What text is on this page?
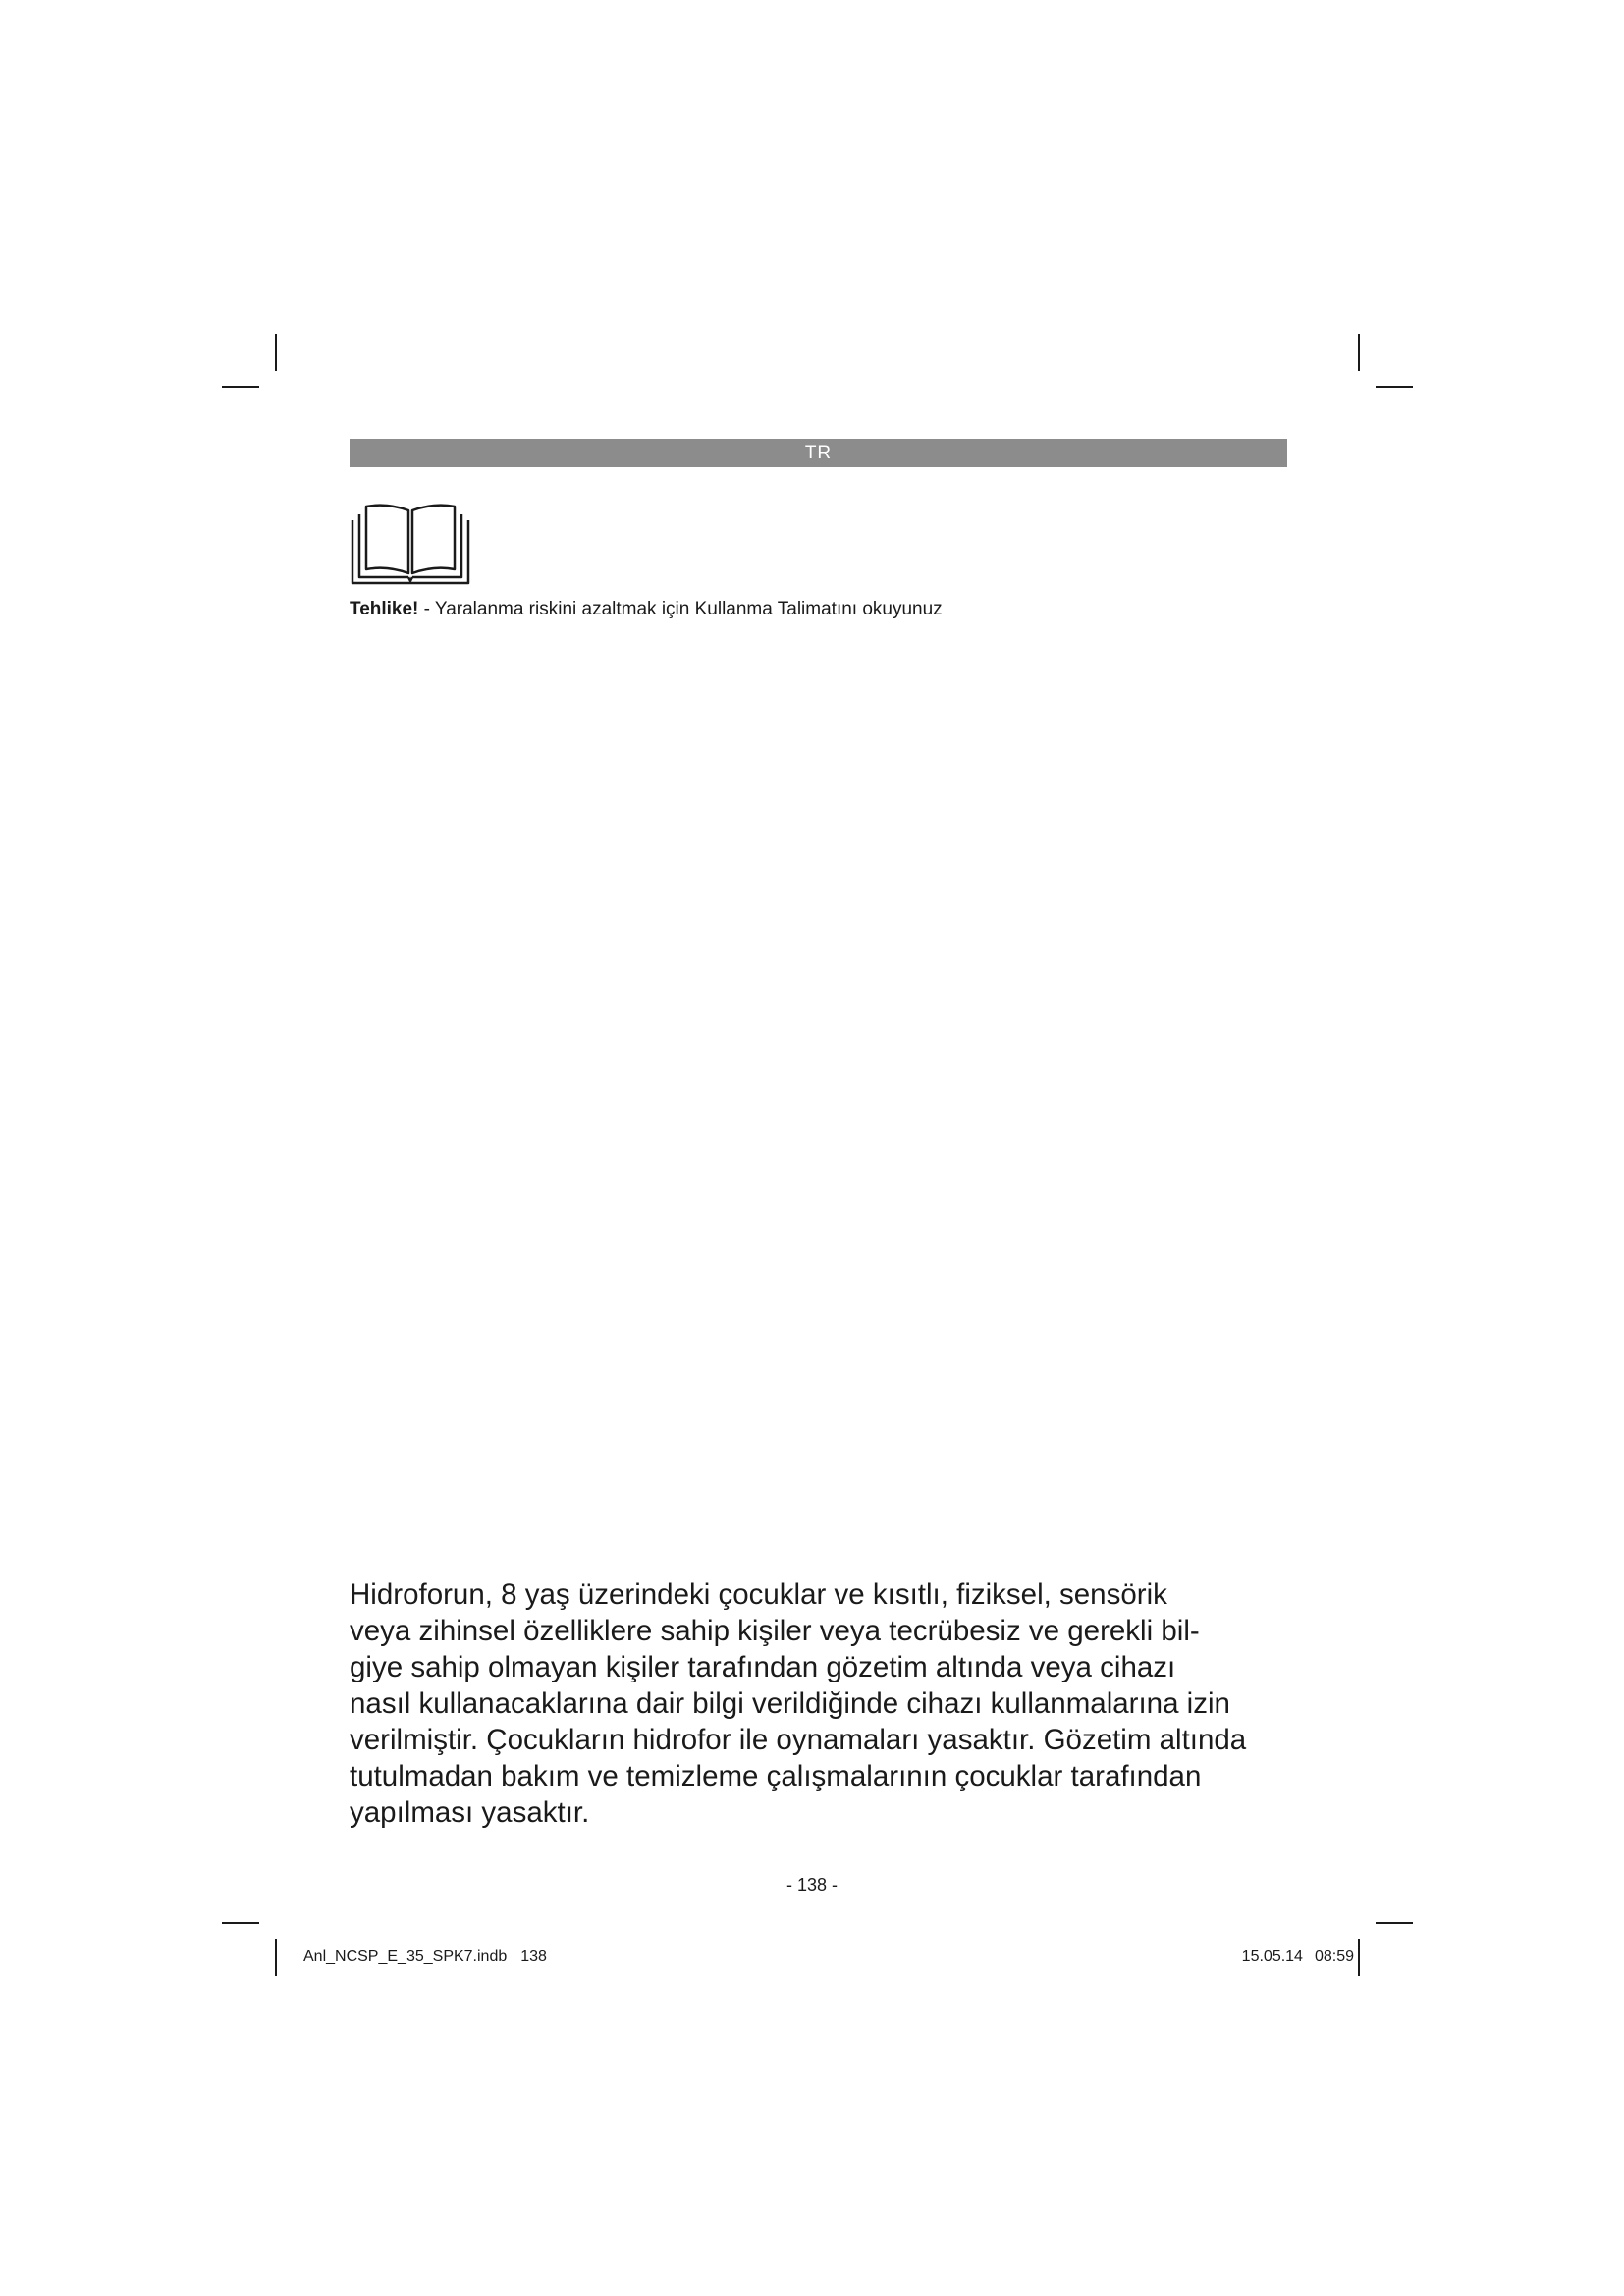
TR
Tehlike! - Yaralanma riskini azaltmak için Kullanma Talimatını okuyunuz

Hidroforun, 8 yaş üzerindeki çocuklar ve kısıtlı, fiziksel, sensörik
veya zihinsel özelliklere sahip kişiler veya tecrübesiz ve gerekli bil-
giye sahip olmayan kişiler tarafından gözetim altında veya cihazı
nasıl kullanacaklarına dair bilgi verildiğinde cihazı kullanmalarına izin
verilmiştir. Çocukların hidrofor ile oynamaları yasaktır. Gözetim altında
tutulmadan bakım ve temizleme çalışmalarının çocuklar tarafından
yapılması yasaktır.

- 138 -
Anl_NCSP_E_35_SPK7.indb 138	15.05.14 08:59
